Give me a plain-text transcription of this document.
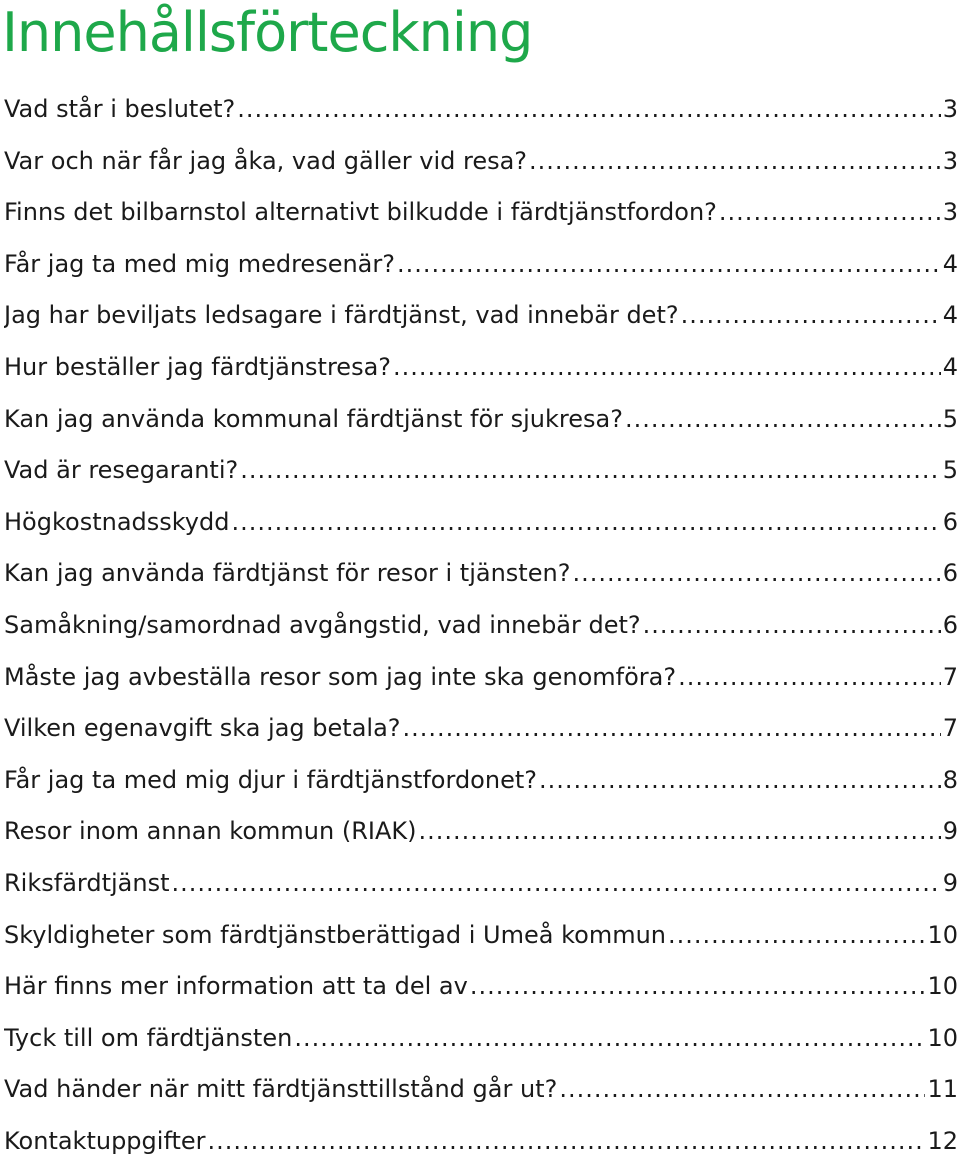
Innehållsförteckning
Vad står i beslutet? .....	3
Var och när får jag åka, vad gäller vid resa? .....	3
Finns det bilbarnstol alternativt bilkudde i färdtjänstfordon? .....	3
Får jag ta med mig medresenär? .....	4
Jag har beviljats ledsagare i färdtjänst, vad innebär det? .....	4
Hur beställer jag färdtjänstresa? .....	4
Kan jag använda kommunal färdtjänst för sjukresa? .....	5
Vad är resegaranti? .....	5
Högkostnadsskydd .....	6
Kan jag använda färdtjänst för resor i tjänsten? .....	6
Samåkning/samordnad avgångstid, vad innebär det? .....	6
Måste jag avbeställa resor som jag inte ska genomföra? .....	7
Vilken egenavgift ska jag betala? .....	7
Får jag ta med mig djur i färdtjänstfordonet? .....	8
Resor inom annan kommun (RIAK) .....	9
Riksfärdtjänst .....	9
Skyldigheter som färdtjänstberättigad i Umeå kommun .....	10
Här finns mer information att ta del av .....	10
Tyck till om färdtjänsten .....	10
Vad händer när mitt färdtjänsttillstånd går ut? .....	11
Kontaktuppgifter .....	12
